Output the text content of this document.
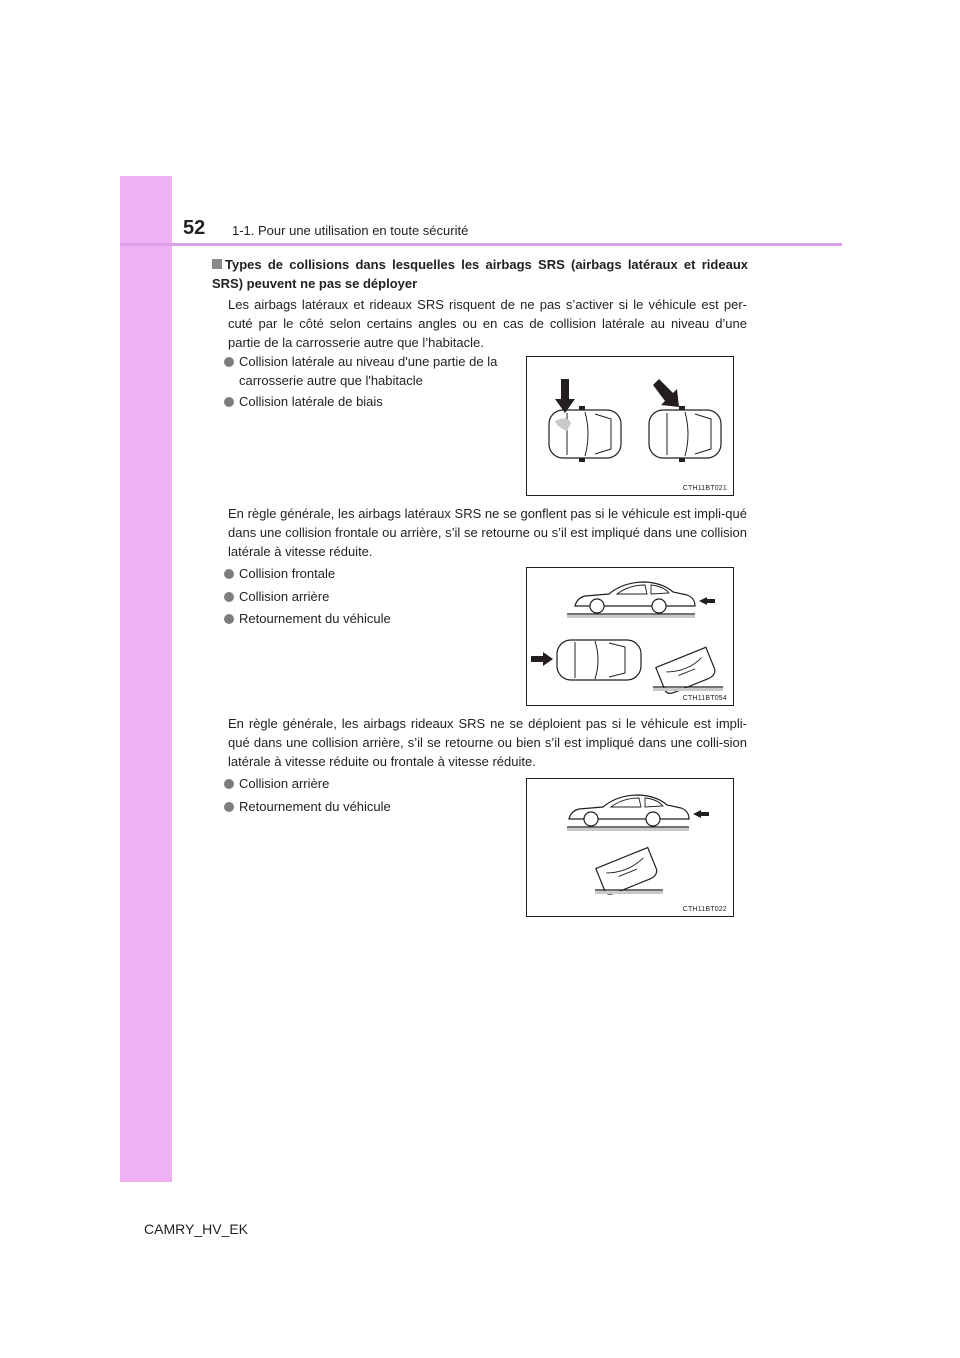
52 1-1. Pour une utilisation en toute sécurité
Types de collisions dans lesquelles les airbags SRS (airbags latéraux et rideaux SRS) peuvent ne pas se déployer
Les airbags latéraux et rideaux SRS risquent de ne pas s’activer si le véhicule est per-cuté par le côté selon certains angles ou en cas de collision latérale au niveau d’une partie de la carrosserie autre que l’habitacle.
Collision latérale au niveau d'une partie de la carrosserie autre que l'habitacle
Collision latérale de biais
CTH11BT021
En règle générale, les airbags latéraux SRS ne se gonflent pas si le véhicule est impli-qué dans une collision frontale ou arrière, s’il se retourne ou s’il est impliqué dans une collision latérale à vitesse réduite.
Collision frontale
Collision arrière
Retournement du véhicule
CTH11BT054
En règle générale, les airbags rideaux SRS ne se déploient pas si le véhicule est impli-qué dans une collision arrière, s’il se retourne ou bien s’il est impliqué dans une colli-sion latérale à vitesse réduite ou frontale à vitesse réduite.
Collision arrière
Retournement du véhicule
CTH11BT022
CAMRY_HV_EK
